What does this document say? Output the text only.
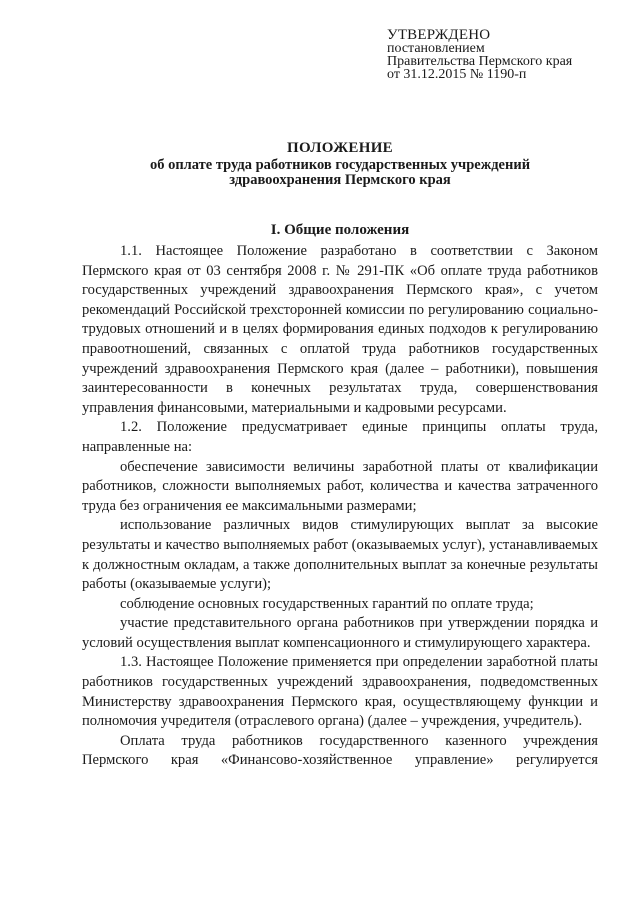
УТВЕРЖДЕНО
постановлением
Правительства Пермского края
от 31.12.2015 № 1190-п
ПОЛОЖЕНИЕ
об оплате труда работников государственных учреждений
здравоохранения Пермского края
I. Общие положения

1.1. Настоящее Положение разработано в соответствии с Законом Пермского края от 03 сентября 2008 г. № 291-ПК «Об оплате труда работников государственных учреждений здравоохранения Пермского края», с учетом рекомендаций Российской трехсторонней комиссии по регулированию социально-трудовых отношений и в целях формирования единых подходов к регулированию правоотношений, связанных с оплатой труда работников государственных учреждений здравоохранения Пермского края (далее – работники), повышения заинтересованности в конечных результатах труда, совершенствования управления финансовыми, материальными и кадровыми ресурсами.

1.2. Положение предусматривает единые принципы оплаты труда, направленные на:

обеспечение зависимости величины заработной платы от квалификации работников, сложности выполняемых работ, количества и качества затраченного труда без ограничения ее максимальными размерами;

использование различных видов стимулирующих выплат за высокие результаты и качество выполняемых работ (оказываемых услуг), устанавливаемых к должностным окладам, а также дополнительных выплат за конечные результаты работы (оказываемые услуги);

соблюдение основных государственных гарантий по оплате труда;

участие представительного органа работников при утверждении порядка и условий осуществления выплат компенсационного и стимулирующего характера.

1.3. Настоящее Положение применяется при определении заработной платы работников государственных учреждений здравоохранения, подведомственных Министерству здравоохранения Пермского края, осуществляющему функции и полномочия учредителя (отраслевого органа) (далее – учреждения, учредитель).

Оплата труда работников государственного казенного учреждения Пермского края «Финансово-хозяйственное управление» регулируется
